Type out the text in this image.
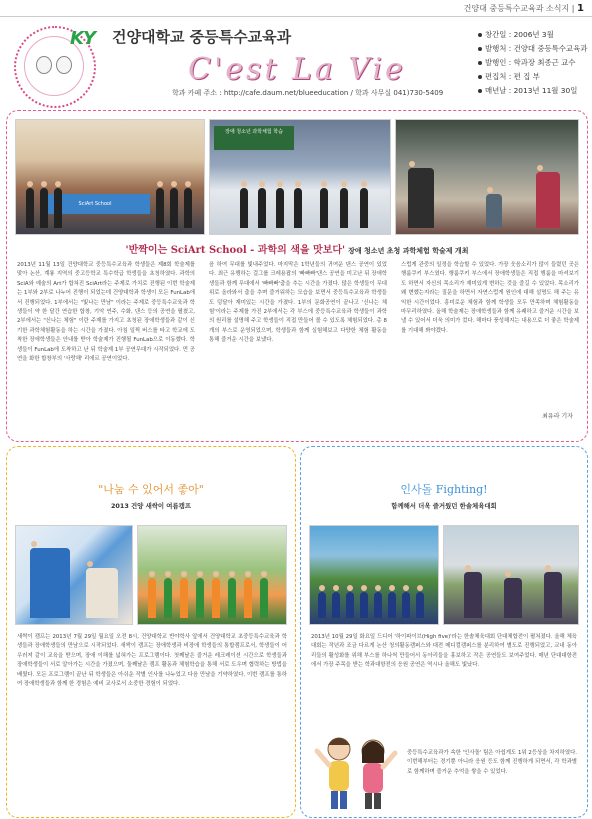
건양대 중등특수교육과 소식지 | 1
KY 건양대학교 중등특수교육과
C'est La Vie
학과 카페 주소 : http://cafe.daum.net/blueeducation / 학과 사무실 041)730-5409
창간일 : 2006년 3월
발행처 : 건양대 중등특수교육과
발행인 : 학과장 최종근 교수
편집처 : 편 집 부
매년날 : 2013년 11월 30일
SciArt School
장애 청소년 과학체험 학습
'반짝이는 SciArt School - 과학의 색을 맛보다' 장애 청소년 초청 과학체험 학술제 개최
2013년 11월 13일 건양대학교 중등특수교육과 학생들은 제8회 학술제를 맞아 논산, 계룡 지역의 중고등학교 특수학급 학생들을 초청하였다. 과학의 SciA와 예술의 Art가 합쳐진 SciArt라는 주제로 가치로 진행된 이번 학술제는 1부와 2부로 나누어 진행이 되었는데 건양대학과 학생이 모든 FunLab에서 진행되었다. 1부에서는 "빛나는 만남" 이라는 주제로 중등특수교육과 학생들이 약 한 달간 연습한 합창, 기악 연주, 수화, 댄스 등의 공연을 펼쳤고, 2부에서는 "신나는 체험" 이란 주제를 가지고 초청된 장애학생들과 같이 신기한 과학체험활동을 하는 시간을 가졌다. 아침 일찍 버스를 타고 학교에 도착한 장애학생들은 안내를 받아 학술제가 진행될 FunLab으로 이동했다. 학생들이 FunLab에 도착하고 난 뒤 학술제 1부 공연무대가 시작되었다. 먼 공연을 화한 합창부의 '사랑해' 리에르 공연이었다.
음 하여 무대를 빛내주었다. 마지막은 1학년들의 귀여운 댄스 공연이 있었다. 최근 유행하는 걸그룹 크레용팝의 '빠빠빠'댄스 공연을 미고난 뒤 장애학생들과 함께 무대에서 '빠빠빠'춤을 추는 시간을 가졌다. 많은 학생들이 무대 위로 올라와서 춤을 추며 즐거워하는 모습을 보면서 중등특수교육과 학생들도 덩달아 재미있는 시간을 가졌다. 1부의 문화공연이 끝나고 '신나는 체험'이라는 주제를 가진 2부에서는 각 부스에 중등특수교육과 학생들이 과학의 원리를 설명해 주고 학생들이 직접 만들어 볼 수 있도록 체험되었다. 총 8개의 부스로 운영되었으며, 학생들과 함께 실험해보고 다양한 체험 활동을 통해 즐거운 시간을 보냈다.
스럽게 관중의 일정을 학습할 수 있었다. 가장 웃음소리가 많이 들렸던 곳은 행룸쿠키 부스였다. 행룸쿠키 부스에서 장애학생들은 직접 행룸을 마셔보기도 하면서 자신의 목소리가 재미있게 변하는 것을 즐길 수 있었다. 목소리가 왜 변했는지라는 질문을 하면서 자연스럽게 원인에 대해 설명도 해 주는 유익한 시간이었다. 흥미로운 체험과 함께 학생들 모두 만족하며 체험활동을 마무리하였다. 올해 학술제는 장애학생들과 함께 유쾌하고 즐거운 시간을 보낼 수 있어서 더욱 의미가 컸다. 해마다 풍성해지는 내용으로 더 좋은 학술제를 기대해 봐야겠다.
최유라 기자
"나눔 수 있어서 좋아"
2013 건양 새싹이 여름캠프
새싹이 캠프는 2013년 7월 29일 월요일 오전 8시, 건양대학교 반야학사 앞에서 건양대학교 초중등특수교육과 학생들과 장애학생들의 만남으로 시작되었다. 새싹이 캠프는 장애학생과 비장애 학생들의 통합캠프로서, 학생들이 어우러져 같이 교육을 받으며, 장애 이해를 넓혀가는 프로그램이다. 첫째날은 즐거운 레크레이션 시간으로 학생들과 장애학생들이 서로 알아가는 시간을 가졌으며, 둘째날은 캠프 활동과 체험학습을 통해 서로 도우며 협력하는 방법을 배웠다. 모든 프로그램이 끝난 뒤 학생들은 아쉬운 작별 인사를 나누었고 다음 만남을 기약하였다. 이번 캠프를 통하여 장애학생들과 함께 한 경험은 예비 교사로서 소중한 경험이 되었다.
인사돌 Fighting!
함께해서 더욱 즐거웠던 한솔체육대회
2013년 10월 29일 화요일 드디어 '하이파이브(High five)'라는 한솔체육대회 단대체합전이 펼쳐졌다. 올해 체육대회는 작년과 조금 다르게 논산 청의활동캠퍼스와 대전 메디컬캠퍼스를 분리하여 별도로 진행되었고, 교내 동아리들의 활성화를 위해 부스를 하나씩 만들어서 동아리들을 홍보하고 작은 공연들도 보여주었다. 매년 단대대항전에서 가장 주목을 받는 학과대항전의 응원 공연은 역시나 올해도 빛났다.
중등특수교육과가 속한 '인사돌' 팀은 아쉽게도 1위 2등상을 차지하였다. 이번해부터는 경기뿐 아니라 응원 등도 함께 진행하게 되면서, 각 학과별로 함께하며 즐거운 추억을 쌓을 수 있었다.
